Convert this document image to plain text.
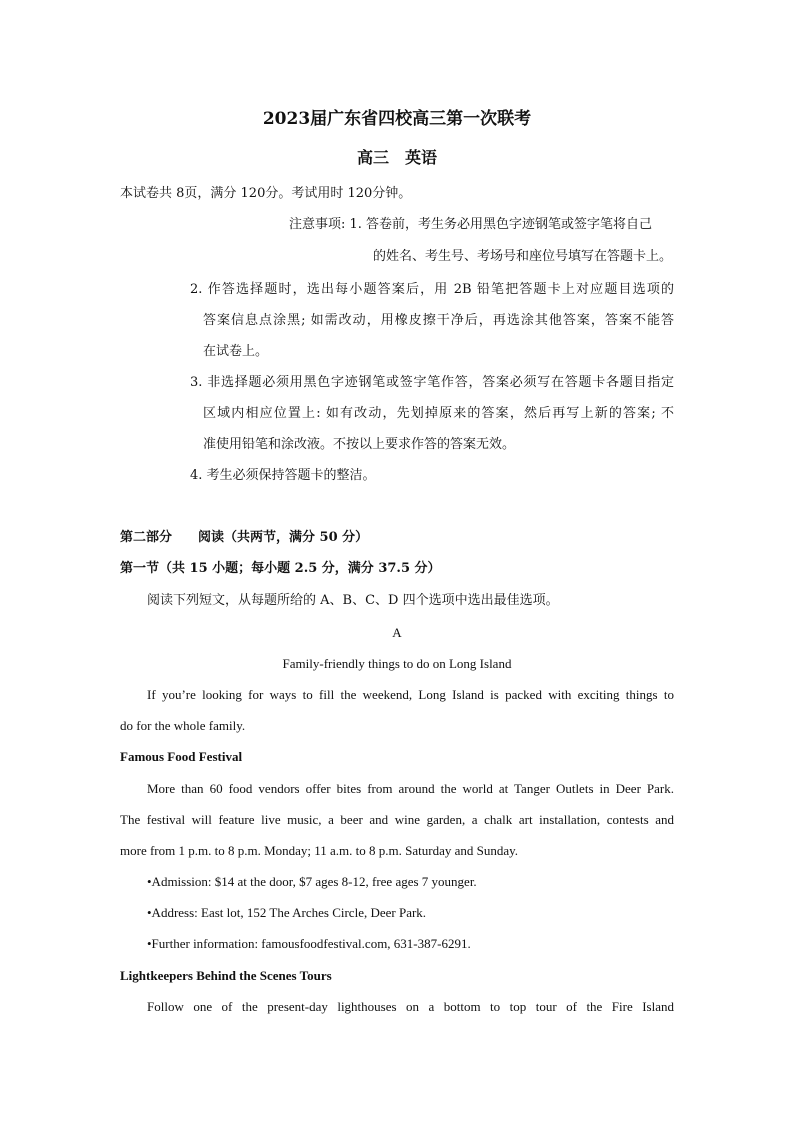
2023届广东省四校高三第一次联考
高三　英语
本试卷共 8页，满分 120分。考试用时 120分钟。
注意事项: 1. 答卷前，考生务必用黑色字迹钢笔或签字笔将自己
的姓名、考生号、考场号和座位号填写在答题卡上。
2. 作答选择题时，选出每小题答案后，用 2B 铅笔把答题卡上对应题目选项的
答案信息点涂黑; 如需改动，用橡皮擦干净后，再选涂其他答案，答案不能答
在试卷上。
3. 非选择题必须用黑色字迹钢笔或签字笔作答，答案必须写在答题卡各题目指定
区域内相应位置上: 如有改动，先划掉原来的答案，然后再写上新的答案; 不
准使用铅笔和涂改液。不按以上要求作答的答案无效。
4. 考生必须保持答题卡的整洁。
第二部分　　阅读（共两节，满分 50 分）
第一节（共 15 小题；每小题 2.5 分，满分 37.5 分）
阅读下列短文，从每题所给的 A、B、C、D 四个选项中选出最佳选项。
A
Family-friendly things to do on Long Island
If you’re looking for ways to fill the weekend, Long Island is packed with exciting things to
do for the whole family.
Famous Food Festival
More than 60 food vendors offer bites from around the world at Tanger Outlets in Deer Park.
The festival will feature live music, a beer and wine garden, a chalk art installation, contests and
more from 1 p.m. to 8 p.m. Monday; 11 a.m. to 8 p.m. Saturday and Sunday.
•Admission: $14 at the door, $7 ages 8-12, free ages 7 younger.
•Address: East lot, 152 The Arches Circle, Deer Park.
•Further information: famousfoodfestival.com, 631-387-6291.
Lightkeepers Behind the Scenes Tours
Follow one of the present-day lighthouses on a bottom to top tour of the Fire Island
